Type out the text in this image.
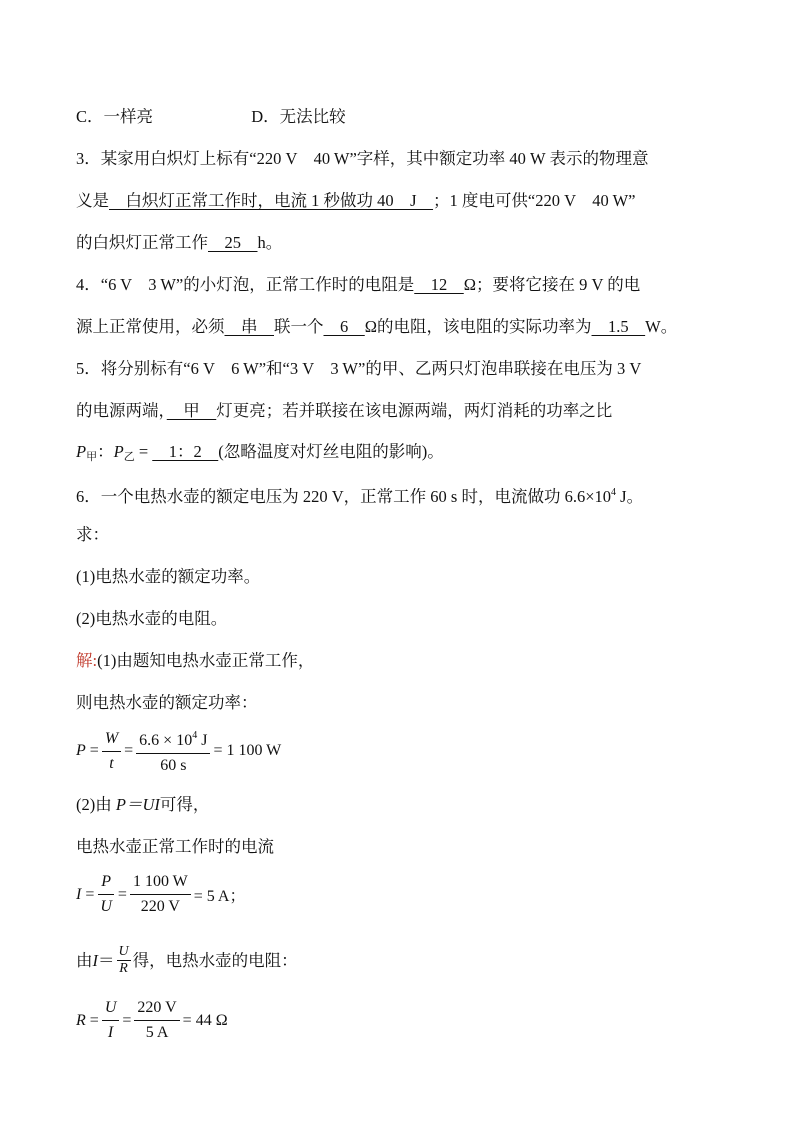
C．一样亮	D．无法比较
3．某家用白炽灯上标有“220 V　40 W”字样，其中额定功率 40 W 表示的物理意
义是　白炽灯正常工作时，电流 1 秒做功 40　J　；1 度电可供“220 V　40 W”
的白炽灯正常工作　25　h。
4．“6 V　3 W”的小灯泡，正常工作时的电阻是　12　Ω；要将它接在 9 V 的电
源上正常使用，必须　串　联一个　6　Ω的电阻，该电阻的实际功率为　1.5　W。
5．将分别标有“6 V　6 W”和“3 V　3 W”的甲、乙两只灯泡串联接在电压为 3 V
的电源两端，　甲　灯更亮；若并联接在该电源两端，两灯消耗的功率之比
$P_甲$：$P_乙$ = 　1：2　(忽略温度对灯丝电阻的影响)。
6．一个电热水壶的额定电压为 220 V，正常工作 60 s 时，电流做功 $6.6\times 10^4$ J。
求：
(1)电热水壶的额定功率。
(2)电热水壶的电阻。
解:(1)由题知电热水壶正常工作，
则电热水壶的额定功率：
$P = \frac{W}{t} = \frac{6.6 \times 10^4 J}{60 s} = 1$ 100 W
(2)由 P＝UI可得，
电热水壶正常工作时的电流
$I = \frac{P}{U} = \frac{1 100 W}{220 V} = 5$ A；
由 $I = \frac{U}{R}$ 得，电热水壶的电阻：
$R = \frac{U}{I} = \frac{220 V}{5 A} = 44$ Ω
